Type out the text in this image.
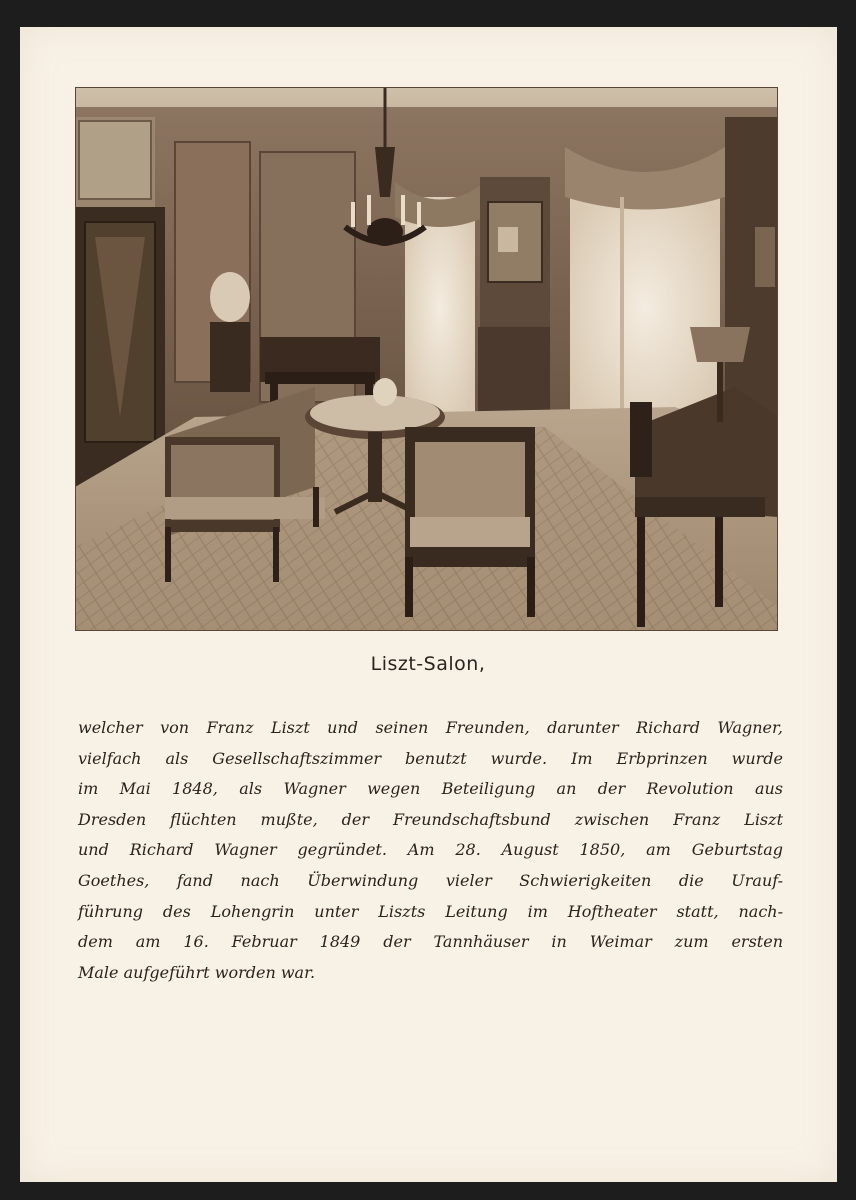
Liszt-Salon,
welcher von Franz Liszt und seinen Freunden, darunter Richard Wagner,
vielfach als Gesellschaftszimmer benutzt wurde. Im Erbprinzen wurde
im Mai 1848, als Wagner wegen Beteiligung an der Revolution aus
Dresden flüchten mußte, der Freundschaftsbund zwischen Franz Liszt
und Richard Wagner gegründet. Am 28. August 1850, am Geburtstag
Goethes, fand nach Überwindung vieler Schwierigkeiten die Urauf-
führung des Lohengrin unter Liszts Leitung im Hoftheater statt, nach-
dem am 16. Februar 1849 der Tannhäuser in Weimar zum ersten
Male aufgeführt worden war.
